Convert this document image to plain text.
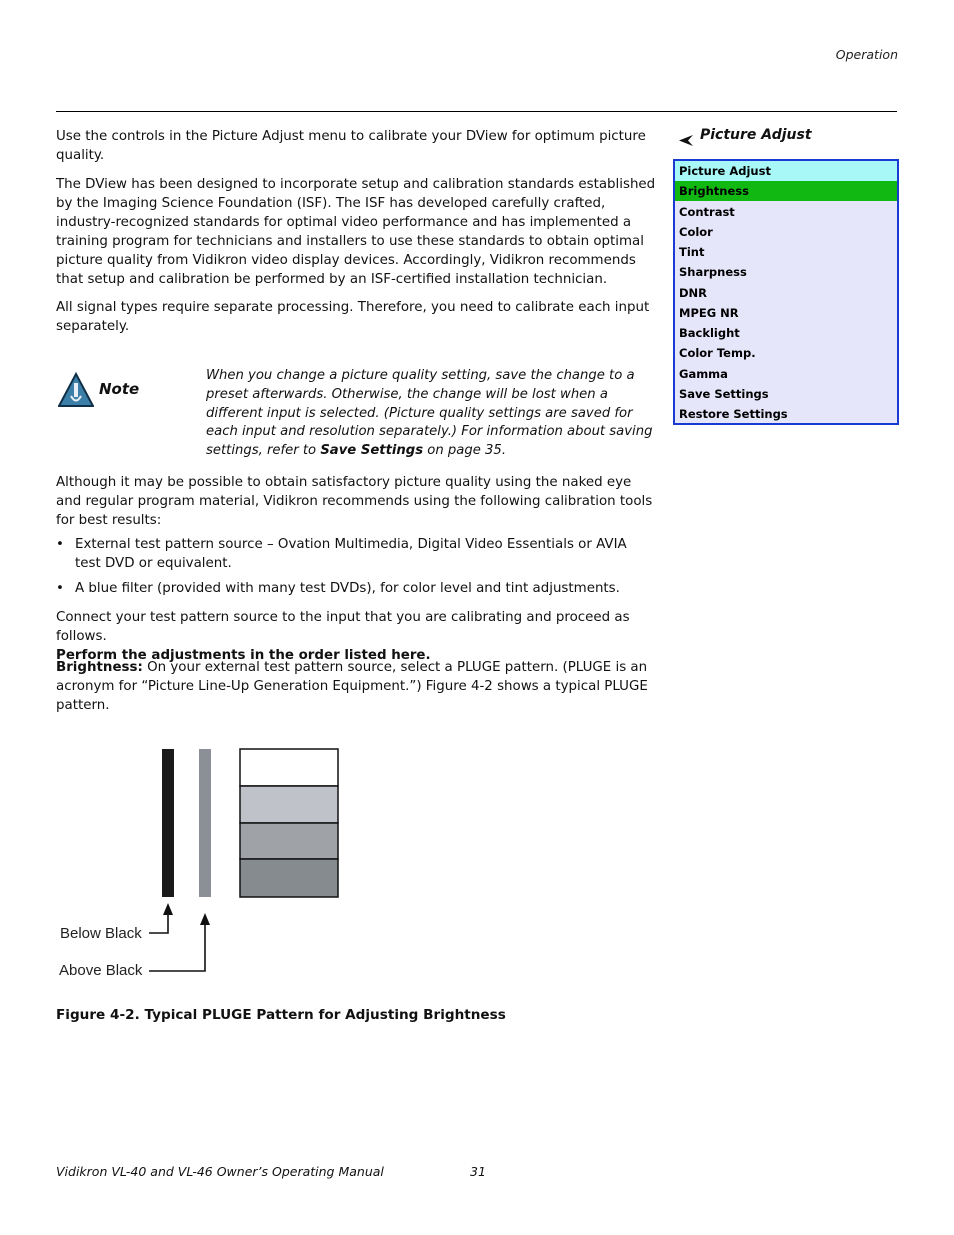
Operation

Use the controls in the Picture Adjust menu to calibrate your DView for optimum picture quality.

The DView has been designed to incorporate setup and calibration standards established by the Imaging Science Foundation (ISF). The ISF has developed carefully crafted, industry-recognized standards for optimal video performance and has implemented a training program for technicians and installers to use these standards to obtain optimal picture quality from Vidikron video display devices. Accordingly, Vidikron recommends that setup and calibration be performed by an ISF-certified installation technician.

All signal types require separate processing. Therefore, you need to calibrate each input separately.

Note
When you change a picture quality setting, save the change to a preset afterwards. Otherwise, the change will be lost when a different input is selected. (Picture quality settings are saved for each input and resolution separately.) For information about saving settings, refer to Save Settings on page 35.

Although it may be possible to obtain satisfactory picture quality using the naked eye and regular program material, Vidikron recommends using the following calibration tools for best results:

• External test pattern source – Ovation Multimedia, Digital Video Essentials or AVIA test DVD or equivalent.
• A blue filter (provided with many test DVDs), for color level and tint adjustments.

Connect your test pattern source to the input that you are calibrating and proceed as follows.
Perform the adjustments in the order listed here.

Brightness: On your external test pattern source, select a PLUGE pattern. (PLUGE is an acronym for “Picture Line-Up Generation Equipment.”) Figure 4-2 shows a typical PLUGE pattern.

Picture Adjust
Picture Adjust
Brightness
Contrast
Color
Tint
Sharpness
DNR
MPEG NR
Backlight
Color Temp.
Gamma
Save Settings
Restore Settings
Below Black
Above Black
Figure 4-2. Typical PLUGE Pattern for Adjusting Brightness
Vidikron VL-40 and VL-46 Owner’s Operating Manual	31
